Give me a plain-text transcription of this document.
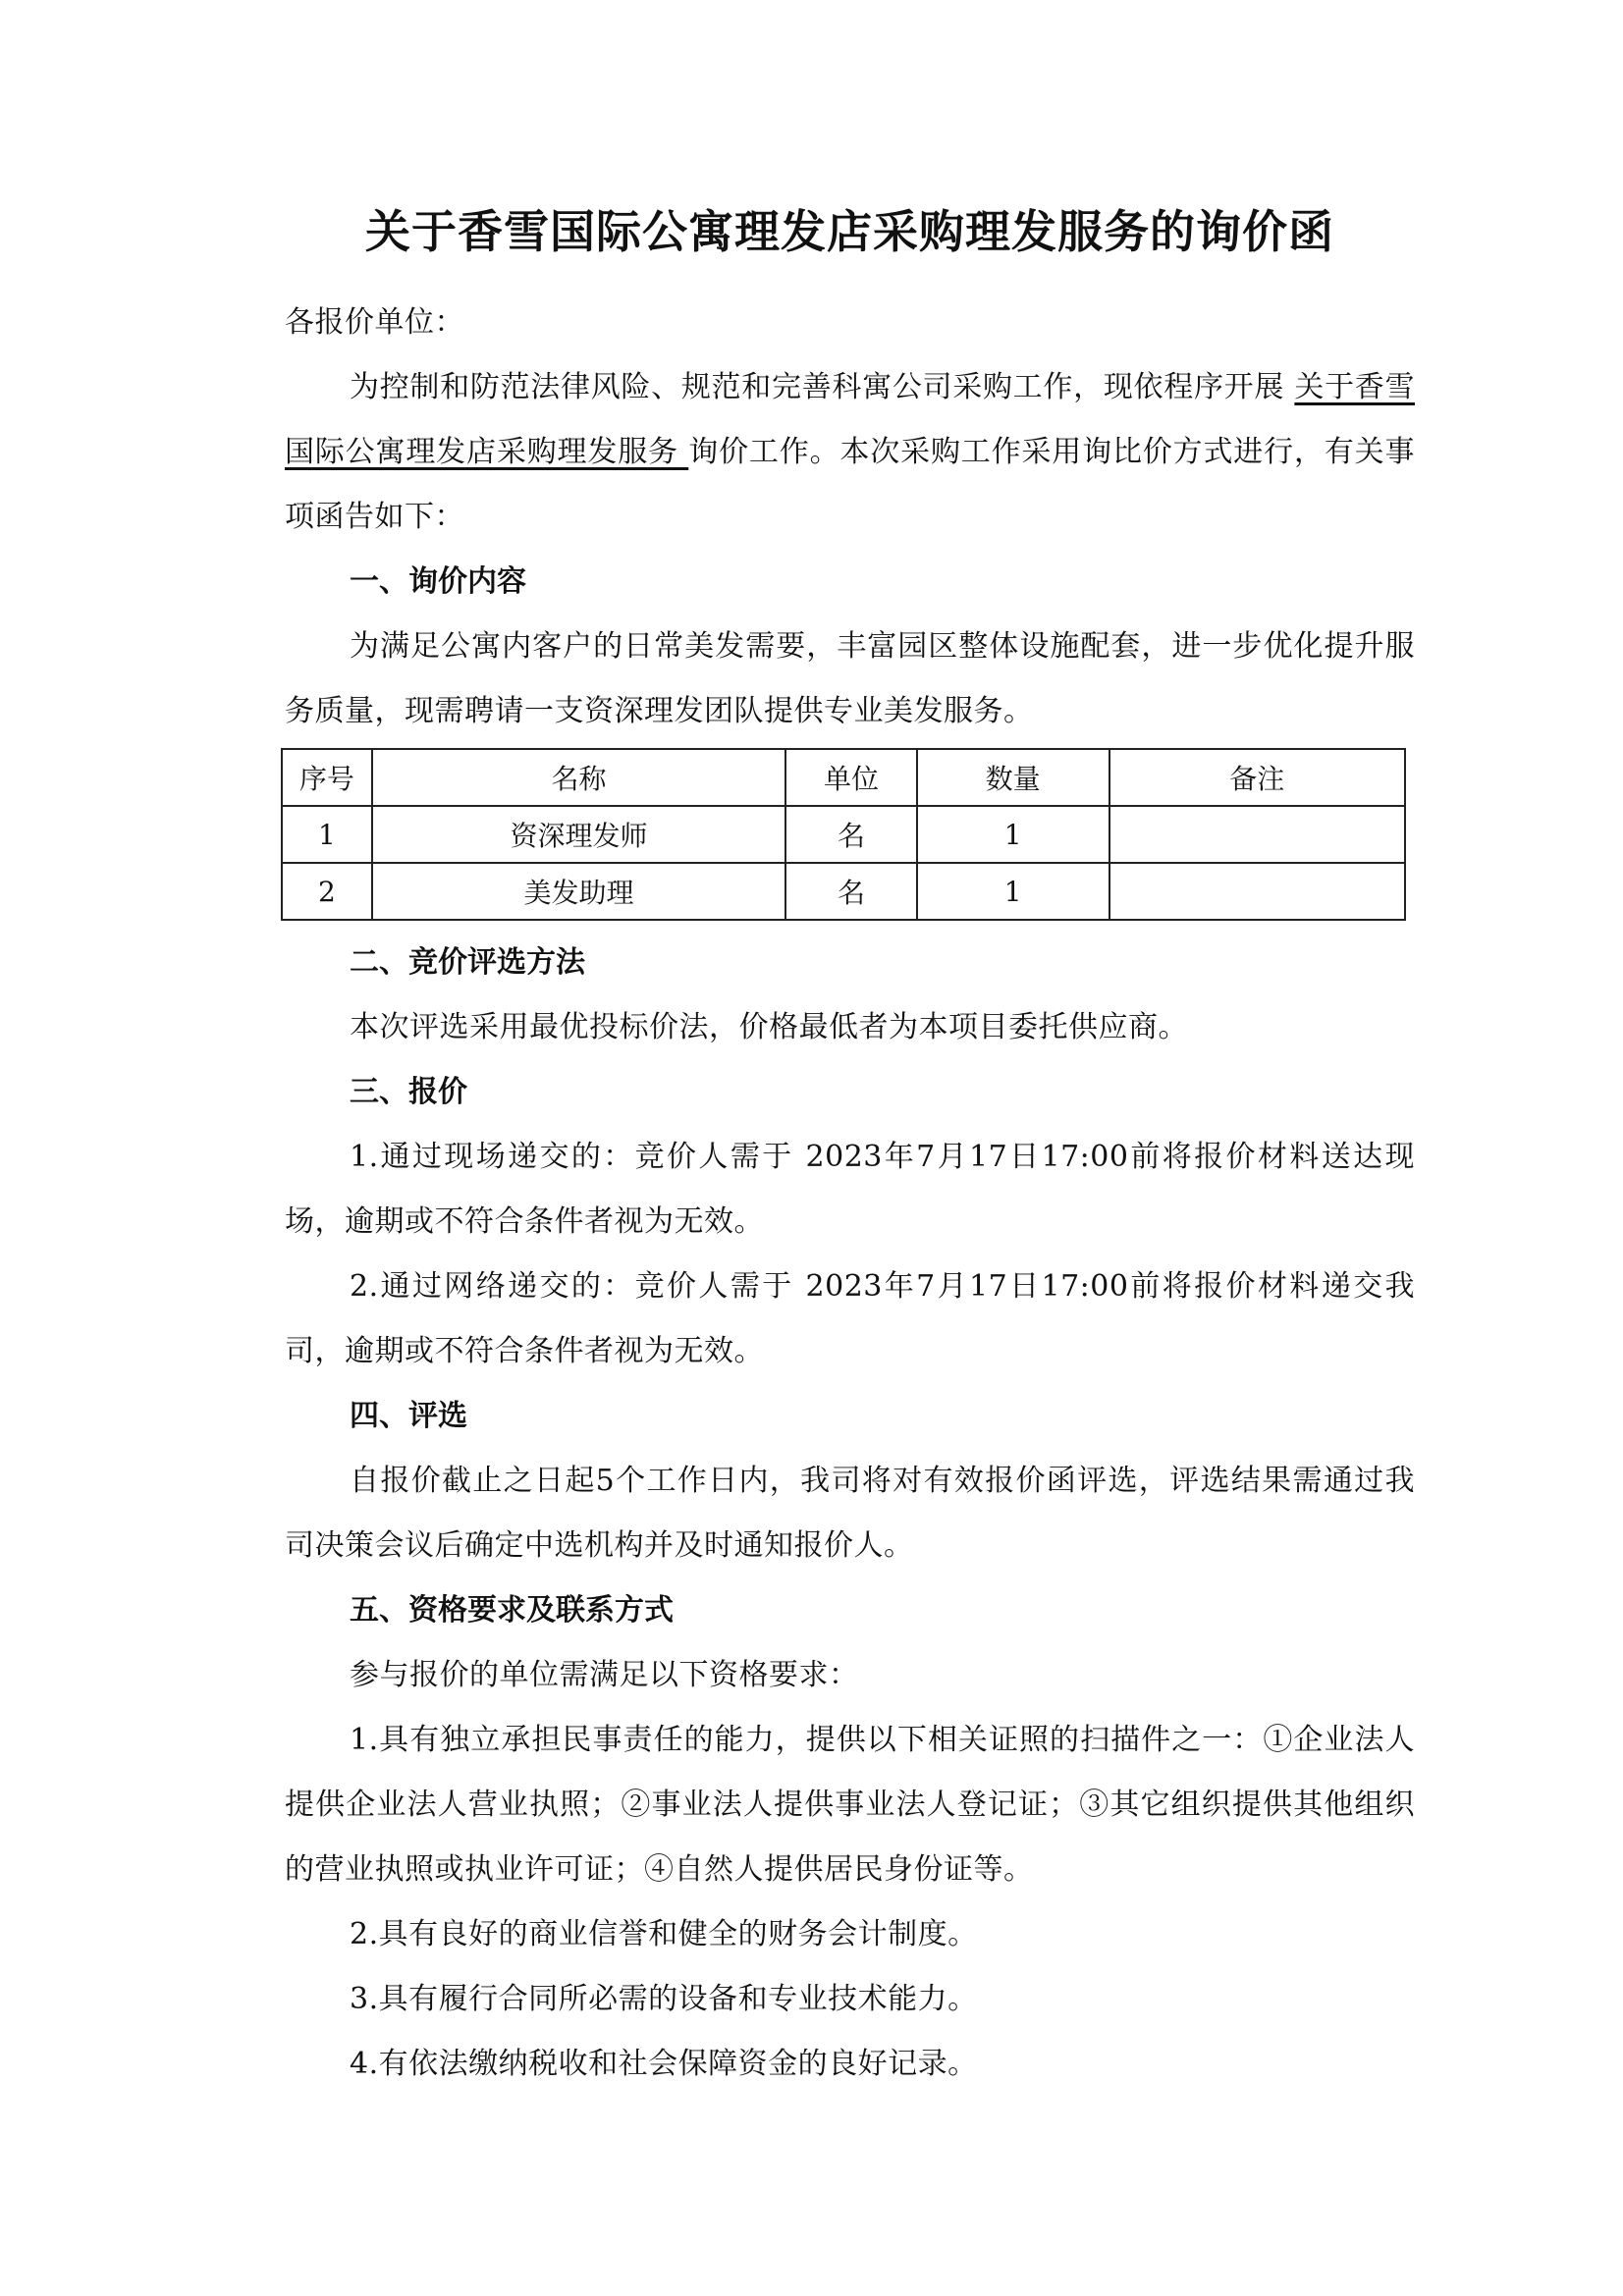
关于香雪国际公寓理发店采购理发服务的询价函

各报价单位：

为控制和防范法律风险、规范和完善科寓公司采购工作，现依程序开展 关于香雪国际公寓理发店采购理发服务 询价工作。本次采购工作采用询比价方式进行，有关事项函告如下：

一、询价内容

为满足公寓内客户的日常美发需要，丰富园区整体设施配套，进一步优化提升服务质量，现需聘请一支资深理发团队提供专业美发服务。

序号	名称	单位	数量	备注
1	资深理发师	名	1	
2	美发助理	名	1	

二、竞价评选方法

本次评选采用最优投标价法，价格最低者为本项目委托供应商。

三、报价

1.通过现场递交的：竞价人需于 2023年7月17日17:00前将报价材料送达现场，逾期或不符合条件者视为无效。

2.通过网络递交的：竞价人需于 2023年7月17日17:00前将报价材料递交我司，逾期或不符合条件者视为无效。

四、评选

自报价截止之日起5个工作日内，我司将对有效报价函评选，评选结果需通过我司决策会议后确定中选机构并及时通知报价人。

五、资格要求及联系方式

参与报价的单位需满足以下资格要求：

1.具有独立承担民事责任的能力，提供以下相关证照的扫描件之一：①企业法人提供企业法人营业执照；②事业法人提供事业法人登记证；③其它组织提供其他组织的营业执照或执业许可证；④自然人提供居民身份证等。

2.具有良好的商业信誉和健全的财务会计制度。

3.具有履行合同所必需的设备和专业技术能力。

4.有依法缴纳税收和社会保障资金的良好记录。
